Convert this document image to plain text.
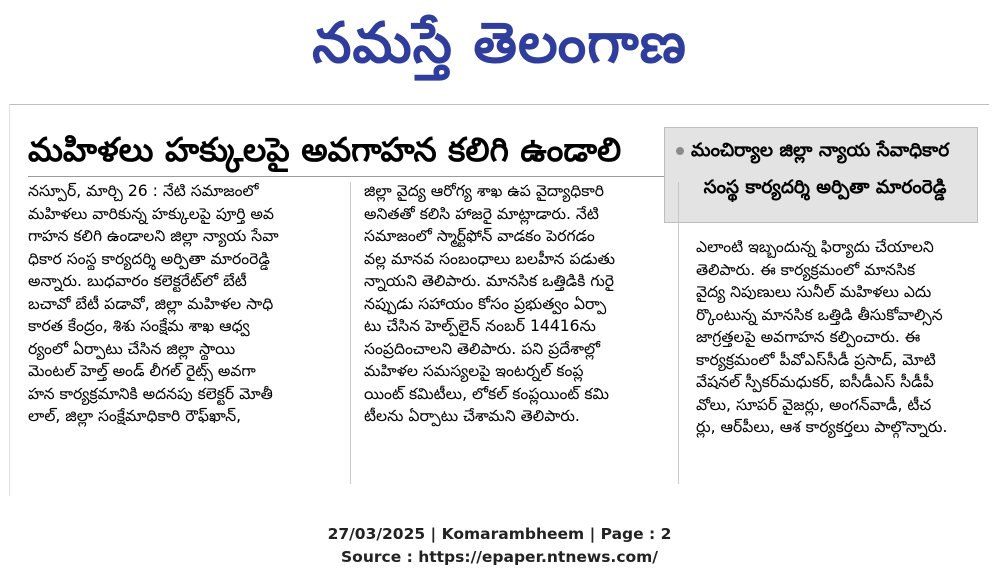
నమస్తే తెలంగాణ
మహిళలు హక్కులపై అవగాహన కలిగి ఉండాలి	మంచిర్యాల జిల్లా న్యాయ సేవాధికార
సంస్థ కార్యదర్శి అర్పితా మారంరెడ్డి
నస్పూర్, మార్చి 26 : నేటి సమాజంలో
మహిళలు వారికున్న హక్కులపై పూర్తి అవ
గాహన కలిగి ఉండాలని జిల్లా న్యాయ సేవా
ధికార సంస్థ కార్యదర్శి అర్పితా మారంరెడ్డి
అన్నారు. బుధవారం కలెక్టరేట్‌లో బేటీ
బచావో బేటీ పడావో, జిల్లా మహిళల సాధి
కారత కేంద్రం, శిశు సంక్షేమ శాఖ ఆధ్వ
ర్యంలో ఏర్పాటు చేసిన జిల్లా స్థాయి
మెంటల్ హెల్త్ అండ్ లీగల్ రైట్స్ అవగా
హన కార్యక్రమానికి అదనపు కలెక్టర్ మోతీ
లాల్, జిల్లా సంక్షేమాధికారి రౌఫ్‌ఖాన్,
జిల్లా వైద్య ఆరోగ్య శాఖ ఉప వైద్యాధికారి
అనితతో కలిసి హాజరై మాట్లాడారు. నేటి
సమాజంలో స్మార్ట్‌ఫోన్ వాడకం పెరగడం
వల్ల మానవ సంబంధాలు బలహీన పడుతు
న్నాయని తెలిపారు. మానసిక ఒత్తిడికి గురై
నప్పుడు సహాయం కోసం ప్రభుత్వం ఏర్పా
టు చేసిన హెల్ప్‌లైన్ నంబర్ 14416ను
సంప్రదించాలని తెలిపారు. పని ప్రదేశాల్లో
మహిళల సమస్యలపై ఇంటర్నల్ కంప్ల
యింట్ కమిటీలు, లోకల్ కంప్లయింట్ కమి
టీలను ఏర్పాటు చేశామని తెలిపారు.
ఎలాంటి ఇబ్బందున్న ఫిర్యాదు చేయాలని
తెలిపారు. ఈ కార్యక్రమంలో మానసిక
వైద్య నిపుణులు సునీల్ మహిళలు ఎదు
ర్కొంటున్న మానసిక ఒత్తిడి తీసుకోవాల్సిన
జాగ్రత్తలపై అవగాహన కల్పించారు. ఈ
కార్యక్రమంలో పీవోఎస్‌సీడీ ప్రసాద్, మోటి
వేషనల్ స్పీకర్‌మధుకర్, ఐసీడీఎస్ సీడీపీ
వోలు, సూపర్ వైజర్లు, అంగన్‌వాడీ, టీచ
ర్లు, ఆర్‌పీలు, ఆశ కార్యకర్తలు పాల్గొన్నారు.
27/03/2025 | Komarambheem | Page : 2
Source : https://epaper.ntnews.com/
